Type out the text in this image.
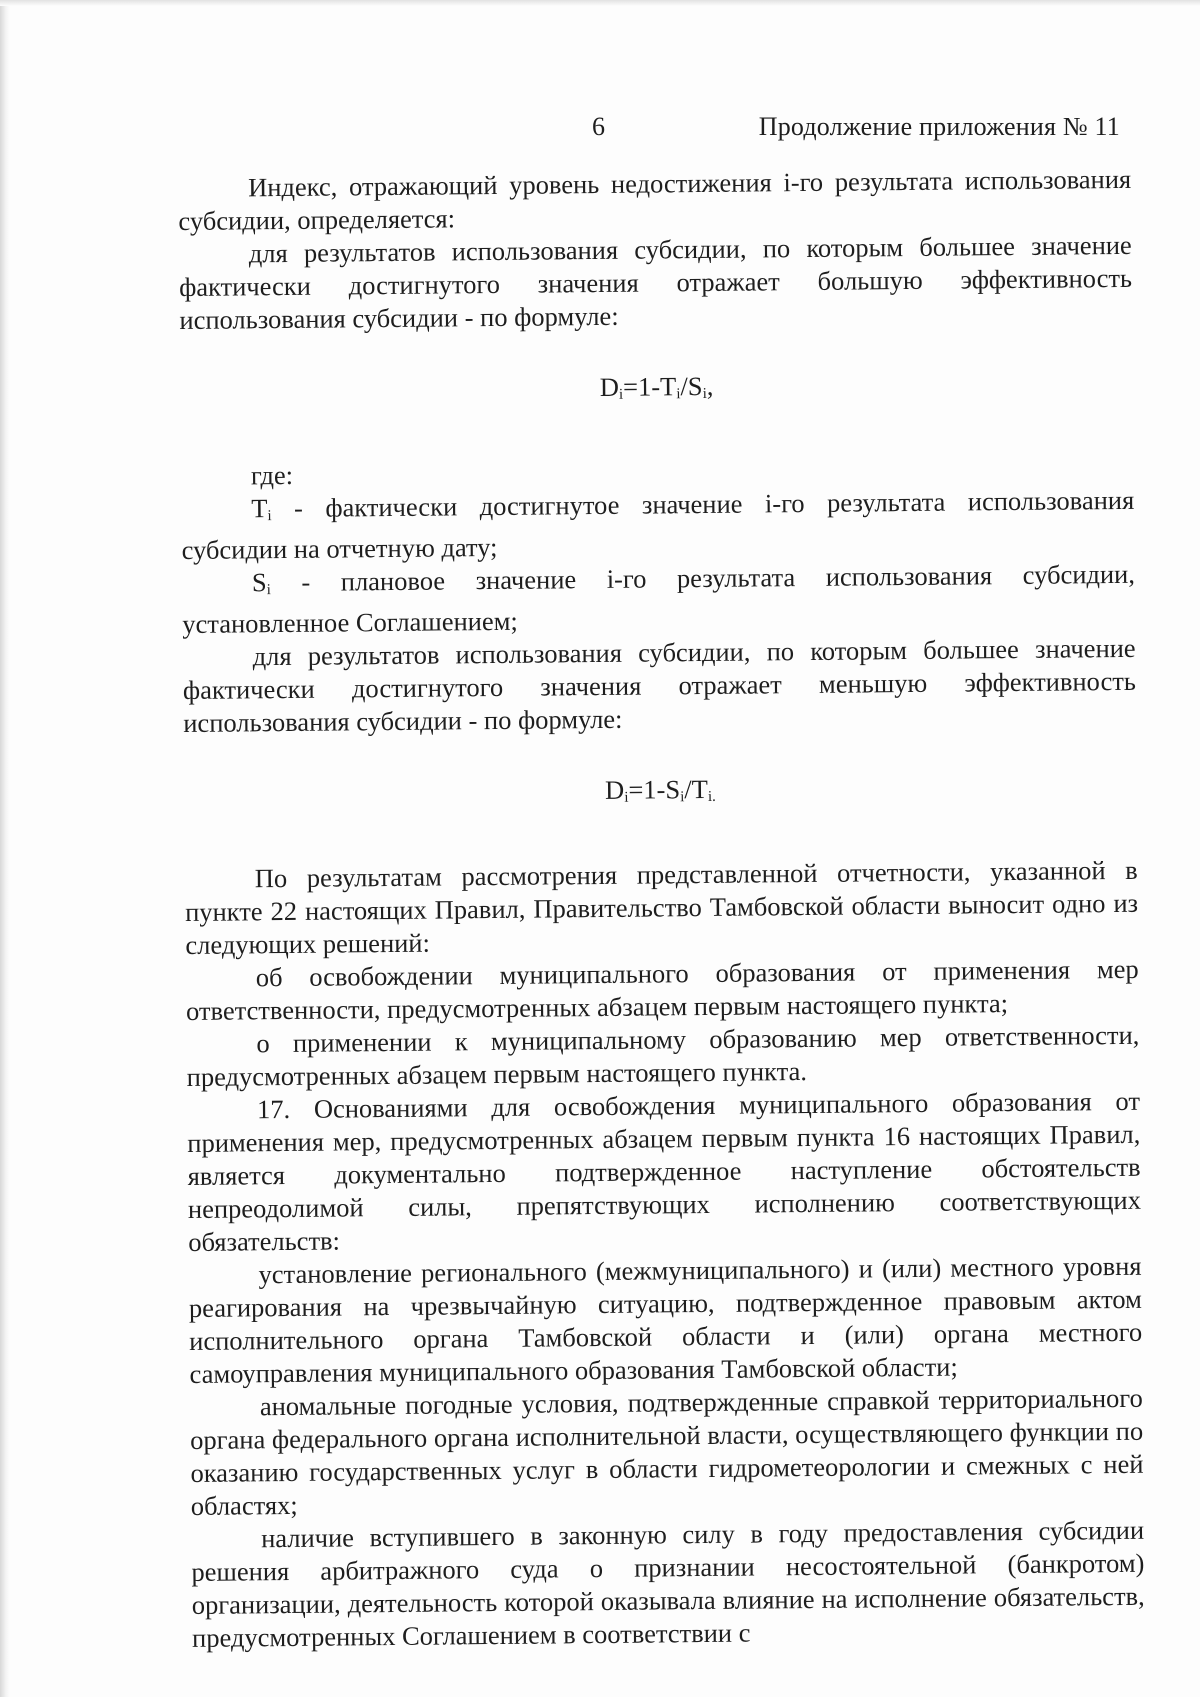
6	Продолжение приложения № 11

Индекс, отражающий уровень недостижения i-го результата использования субсидии, определяется:

для результатов использования субсидии, по которым большее значение фактически достигнутого значения отражает большую эффективность использования субсидии - по формуле:

$D_i=1-T_i/S_i$,

где:

Ti - фактически достигнутое значение i-го результата использования субсидии на отчетную дату;

Si - плановое значение i-го результата использования субсидии, установленное Соглашением;

для результатов использования субсидии, по которым большее значение фактически достигнутого значения отражает меньшую эффективность использования субсидии - по формуле:

$D_i=1-S_i/T_{i.}$

По результатам рассмотрения представленной отчетности, указанной в пункте 22 настоящих Правил, Правительство Тамбовской области выносит одно из следующих решений:

об освобождении муниципального образования от применения мер ответственности, предусмотренных абзацем первым настоящего пункта;

о применении к муниципальному образованию мер ответственности, предусмотренных абзацем первым настоящего пункта.

17. Основаниями для освобождения муниципального образования от применения мер, предусмотренных абзацем первым пункта 16 настоящих Правил, является документально подтвержденное наступление обстоятельств непреодолимой силы, препятствующих исполнению соответствующих обязательств:

установление регионального (межмуниципального) и (или) местного уровня реагирования на чрезвычайную ситуацию, подтвержденное правовым актом исполнительного органа Тамбовской области и (или) органа местного самоуправления муниципального образования Тамбовской области;

аномальные погодные условия, подтвержденные справкой территориального органа федерального органа исполнительной власти, осуществляющего функции по оказанию государственных услуг в области гидрометеорологии и смежных с ней областях;

наличие вступившего в законную силу в году предоставления субсидии решения арбитражного суда о признании несостоятельной (банкротом) организации, деятельность которой оказывала влияние на исполнение обязательств, предусмотренных Соглашением в соответствии с
